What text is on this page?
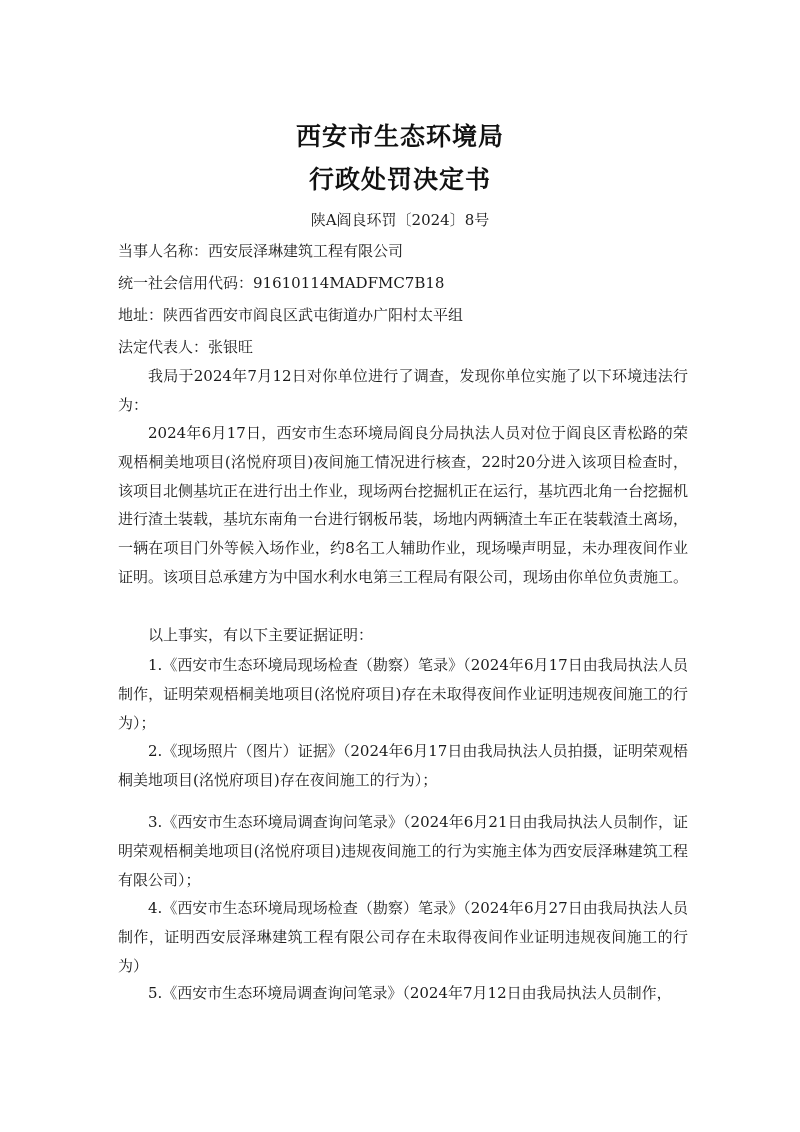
西安市生态环境局
行政处罚决定书
陕A阎良环罚〔2024〕8号
当事人名称：西安辰泽琳建筑工程有限公司
统一社会信用代码：91610114MADFMC7B18
地址：陕西省西安市阎良区武屯街道办广阳村太平组
法定代表人：张银旺
我局于2024年7月12日对你单位进行了调查，发现你单位实施了以下环境违法行为：
2024年6月17日，西安市生态环境局阎良分局执法人员对位于阎良区青松路的荣观梧桐美地项目(洺悦府项目)夜间施工情况进行核查，22时20分进入该项目检查时，该项目北侧基坑正在进行出土作业，现场两台挖掘机正在运行，基坑西北角一台挖掘机进行渣土装载，基坑东南角一台进行钢板吊装，场地内两辆渣土车正在装载渣土离场，一辆在项目门外等候入场作业，约8名工人辅助作业，现场噪声明显，未办理夜间作业证明。该项目总承建方为中国水利水电第三工程局有限公司，现场由你单位负责施工。
以上事实，有以下主要证据证明：
1.《西安市生态环境局现场检查（勘察）笔录》（2024年6月17日由我局执法人员制作，证明荣观梧桐美地项目(洺悦府项目)存在未取得夜间作业证明违规夜间施工的行为）；
2.《现场照片（图片）证据》（2024年6月17日由我局执法人员拍摄，证明荣观梧桐美地项目(洺悦府项目)存在夜间施工的行为）；
3.《西安市生态环境局调查询问笔录》（2024年6月21日由我局执法人员制作，证明荣观梧桐美地项目(洺悦府项目)违规夜间施工的行为实施主体为西安辰泽琳建筑工程有限公司）；
4.《西安市生态环境局现场检查（勘察）笔录》（2024年6月27日由我局执法人员制作，证明西安辰泽琳建筑工程有限公司存在未取得夜间作业证明违规夜间施工的行为）
5.《西安市生态环境局调查询问笔录》（2024年7月12日由我局执法人员制作，
